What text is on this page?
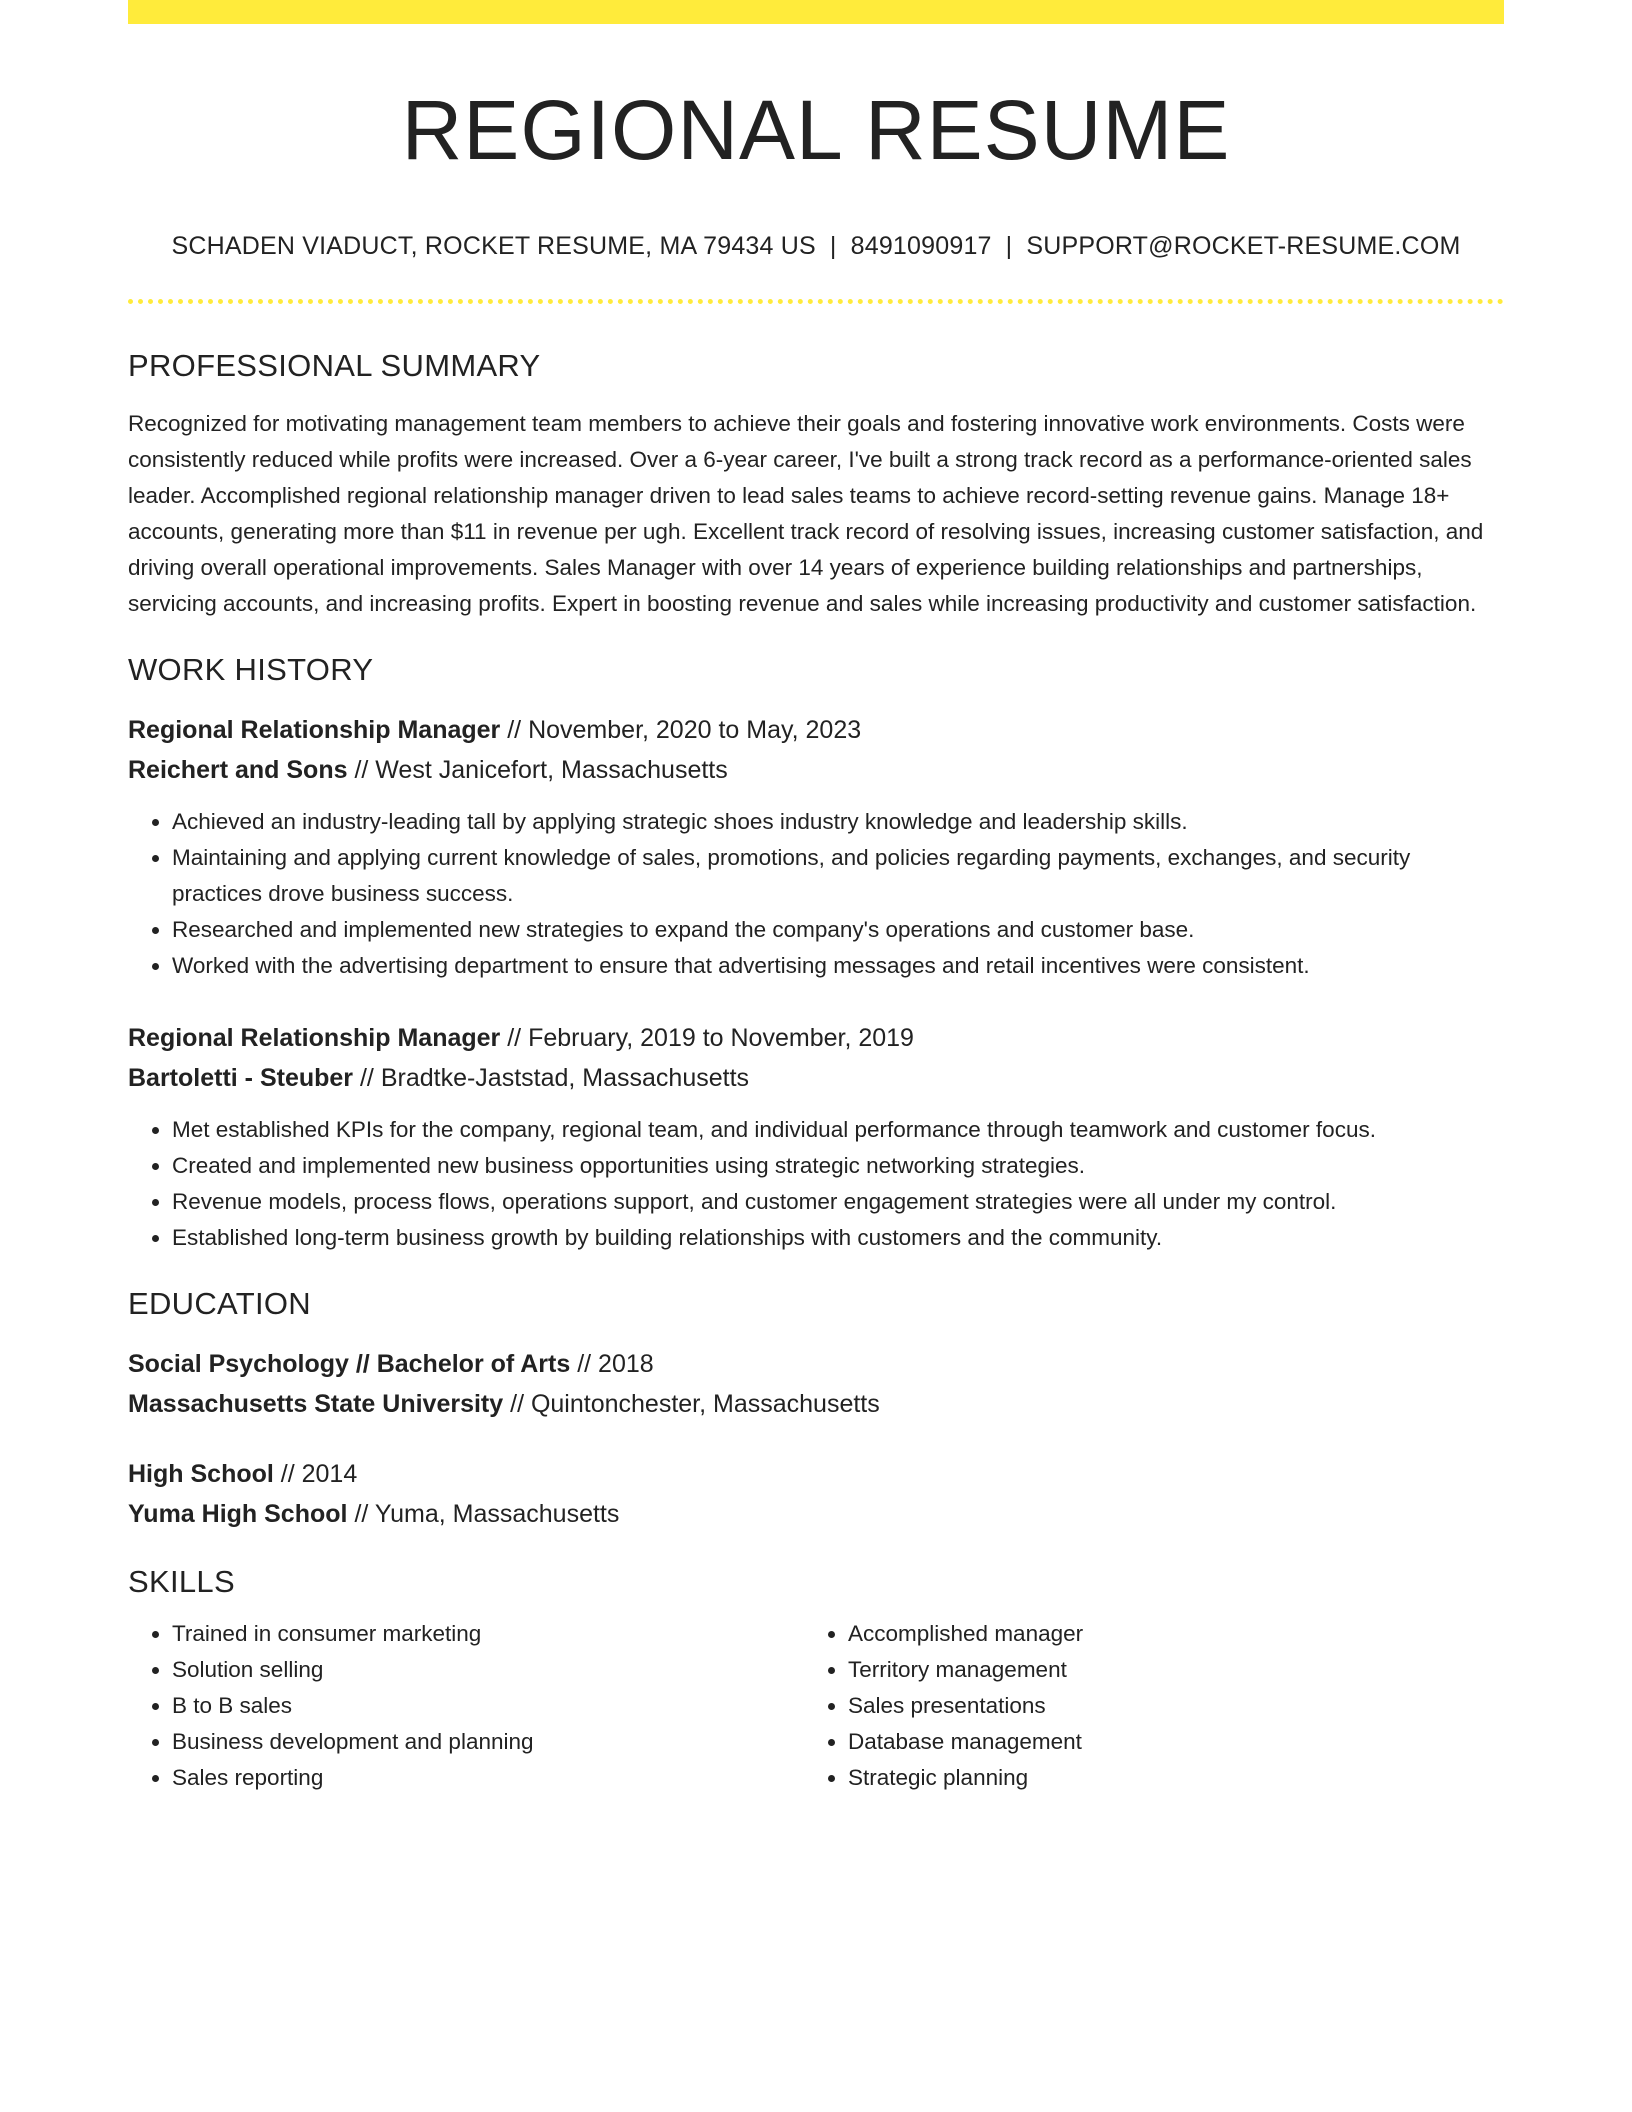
REGIONAL RESUME
SCHADEN VIADUCT, ROCKET RESUME, MA 79434 US | 8491090917 | SUPPORT@ROCKET-RESUME.COM
PROFESSIONAL SUMMARY

Recognized for motivating management team members to achieve their goals and fostering innovative work environments. Costs were consistently reduced while profits were increased. Over a 6-year career, I've built a strong track record as a performance-oriented sales leader. Accomplished regional relationship manager driven to lead sales teams to achieve record-setting revenue gains. Manage 18+ accounts, generating more than $11 in revenue per ugh. Excellent track record of resolving issues, increasing customer satisfaction, and driving overall operational improvements. Sales Manager with over 14 years of experience building relationships and partnerships, servicing accounts, and increasing profits. Expert in boosting revenue and sales while increasing productivity and customer satisfaction.

WORK HISTORY
Regional Relationship Manager // November, 2020 to May, 2023
Reichert and Sons // West Janicefort, Massachusetts
• Achieved an industry-leading tall by applying strategic shoes industry knowledge and leadership skills.
• Maintaining and applying current knowledge of sales, promotions, and policies regarding payments, exchanges, and security practices drove business success.
• Researched and implemented new strategies to expand the company's operations and customer base.
• Worked with the advertising department to ensure that advertising messages and retail incentives were consistent.
Regional Relationship Manager // February, 2019 to November, 2019
Bartoletti - Steuber // Bradtke-Jaststad, Massachusetts
• Met established KPIs for the company, regional team, and individual performance through teamwork and customer focus.
• Created and implemented new business opportunities using strategic networking strategies.
• Revenue models, process flows, operations support, and customer engagement strategies were all under my control.
• Established long-term business growth by building relationships with customers and the community.
EDUCATION
Social Psychology // Bachelor of Arts // 2018
Massachusetts State University // Quintonchester, Massachusetts
High School // 2014
Yuma High School // Yuma, Massachusetts
SKILLS
• Trained in consumer marketing
• Solution selling
• B to B sales
• Business development and planning
• Sales reporting
• Accomplished manager
• Territory management
• Sales presentations
• Database management
• Strategic planning
